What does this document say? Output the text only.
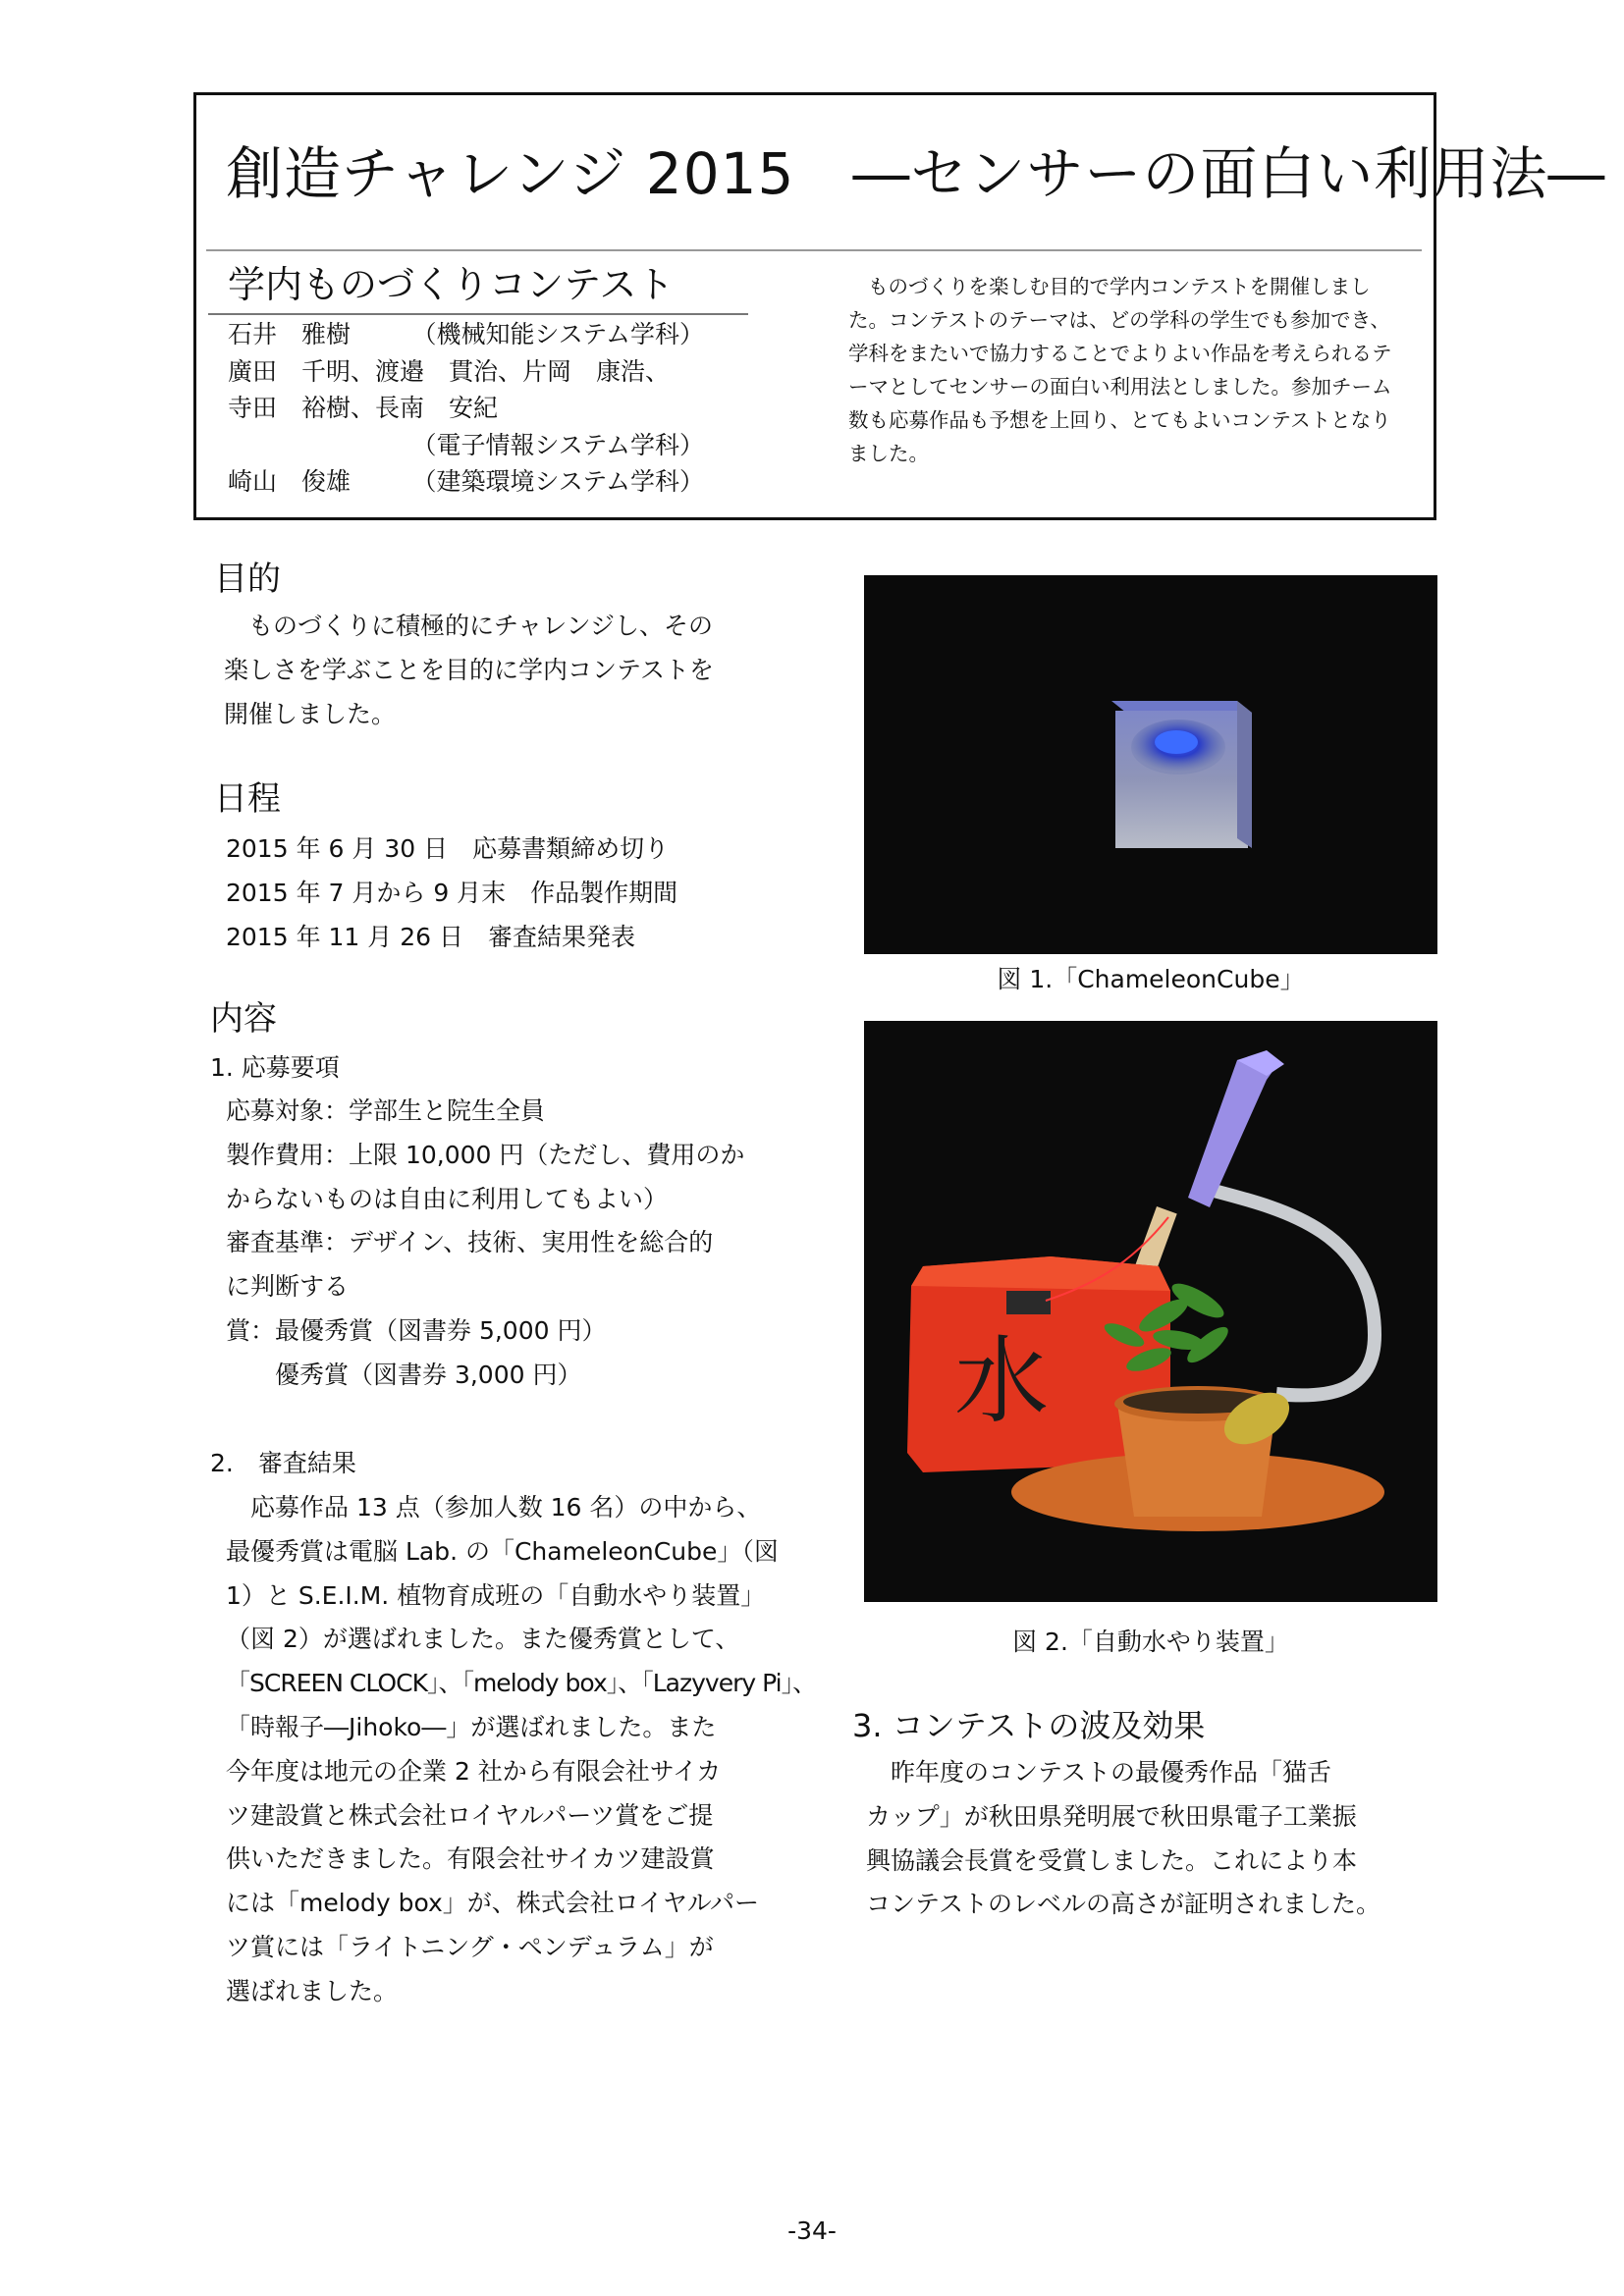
創造チャレンジ 2015　―センサーの面白い利用法―
学内ものづくりコンテスト
石井　雅樹　　　（機械知能システム学科）
廣田　千明、渡邉　貫治、片岡　康浩、
寺田　裕樹、長南　安紀
　　　　　　　　（電子情報システム学科）
崎山　俊雄　　　（建築環境システム学科）
ものづくりを楽しむ目的で学内コンテストを開催しました。コンテストのテーマは、どの学科の学生でも参加でき、学科をまたいで協力することでよりよい作品を考えられるテーマとしてセンサーの面白い利用法としました。参加チーム数も応募作品も予想を上回り、とてもよいコンテストとなりました。
目的
　ものづくりに積極的にチャレンジし、その
楽しさを学ぶことを目的に学内コンテストを
開催しました。
日程
2015 年 6 月 30 日　応募書類締め切り
2015 年 7 月から 9 月末　作品製作期間
2015 年 11 月 26 日　審査結果発表
内容
1. 応募要項
応募対象：学部生と院生全員
製作費用：上限 10,000 円（ただし、費用のか
からないものは自由に利用してもよい）
審査基準：デザイン、技術、実用性を総合的
に判断する
賞：最優秀賞（図書券 5,000 円）
　　優秀賞（図書券 3,000 円）
2.　審査結果
　応募作品 13 点（参加人数 16 名）の中から、
最優秀賞は電脳 Lab. の「ChameleonCube」（図
1）と S.E.I.M. 植物育成班の「自動水やり装置」
（図 2）が選ばれました。また優秀賞として、
「SCREEN CLOCK」、「melody box」、「Lazyvery Pi」、
「時報子―Jihoko―」が選ばれました。また
今年度は地元の企業 2 社から有限会社サイカ
ツ建設賞と株式会社ロイヤルパーツ賞をご提
供いただきました。有限会社サイカツ建設賞
には「melody box」が、株式会社ロイヤルパー
ツ賞には「ライトニング・ペンデュラム」が
選ばれました。
図 1.「ChameleonCube」
水
図 2.「自動水やり装置」
3. コンテストの波及効果
　昨年度のコンテストの最優秀作品「猫舌
カップ」が秋田県発明展で秋田県電子工業振
興協議会長賞を受賞しました。これにより本
コンテストのレベルの高さが証明されました。
-34-
